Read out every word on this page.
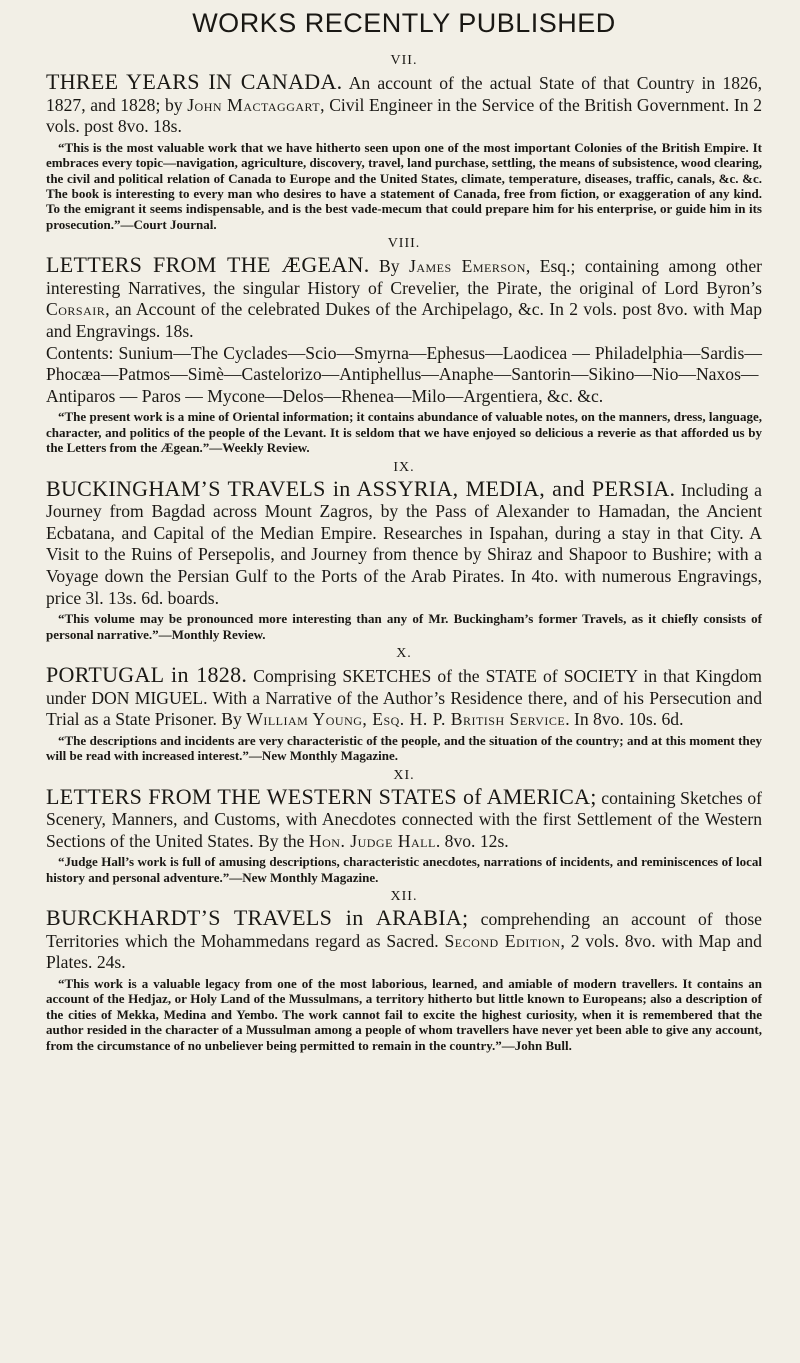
WORKS RECENTLY PUBLISHED
VII.

THREE YEARS IN CANADA. An account of the actual State of that Country in 1826, 1827, and 1828; by John Mactaggart, Civil Engineer in the Service of the British Government. In 2 vols. post 8vo. 18s.

“This is the most valuable work that we have hitherto seen upon one of the most important Colonies of the British Empire. It embraces every topic—navigation, agriculture, discovery, travel, land purchase, settling, the means of subsistence, wood clearing, the civil and political relation of Canada to Europe and the United States, climate, temperature, diseases, traffic, canals, &c. &c. The book is interesting to every man who desires to have a statement of Canada, free from fiction, or exaggeration of any kind. To the emigrant it seems indispensable, and is the best vade-mecum that could prepare him for his enterprise, or guide him in its prosecution.”—Court Journal.

VIII.

LETTERS FROM THE ÆGEAN. By James Emerson, Esq.; containing among other interesting Narratives, the singular History of Crevelier, the Pirate, the original of Lord Byron’s Corsair, an Account of the celebrated Dukes of the Archipelago, &c. In 2 vols. post 8vo. with Map and Engravings. 18s.

Contents: Sunium—The Cyclades—Scio—Smyrna—Ephesus—Laodicea — Philadelphia—Sardis—Phocæa—Patmos—Simè—Castelorizo—Antiphellus—Anaphe—Santorin—Sikino—Nio—Naxos—Antiparos — Paros — Mycone—Delos—Rhenea—Milo—Argentiera, &c. &c.

“The present work is a mine of Oriental information; it contains abundance of valuable notes, on the manners, dress, language, character, and politics of the people of the Levant. It is seldom that we have enjoyed so delicious a reverie as that afforded us by the Letters from the Ægean.”—Weekly Review.

IX.

BUCKINGHAM’S TRAVELS in ASSYRIA, MEDIA, and PERSIA. Including a Journey from Bagdad across Mount Zagros, by the Pass of Alexander to Hamadan, the Ancient Ecbatana, and Capital of the Median Empire. Researches in Ispahan, during a stay in that City. A Visit to the Ruins of Persepolis, and Journey from thence by Shiraz and Shapoor to Bushire; with a Voyage down the Persian Gulf to the Ports of the Arab Pirates. In 4to. with numerous Engravings, price 3l. 13s. 6d. boards.

“This volume may be pronounced more interesting than any of Mr. Buckingham’s former Travels, as it chiefly consists of personal narrative.”—Monthly Review.

X.

PORTUGAL in 1828. Comprising SKETCHES of the STATE of SOCIETY in that Kingdom under DON MIGUEL. With a Narrative of the Author’s Residence there, and of his Persecution and Trial as a State Prisoner. By William Young, Esq. H. P. British Service. In 8vo. 10s. 6d.

“The descriptions and incidents are very characteristic of the people, and the situation of the country; and at this moment they will be read with increased interest.”—New Monthly Magazine.

XI.

LETTERS FROM THE WESTERN STATES of AMERICA; containing Sketches of Scenery, Manners, and Customs, with Anecdotes connected with the first Settlement of the Western Sections of the United States. By the Hon. Judge Hall. 8vo. 12s.

“Judge Hall’s work is full of amusing descriptions, characteristic anecdotes, narrations of incidents, and reminiscences of local history and personal adventure.”—New Monthly Magazine.

XII.

BURCKHARDT’S TRAVELS in ARABIA; comprehending an account of those Territories which the Mohammedans regard as Sacred. Second Edition, 2 vols. 8vo. with Map and Plates. 24s.

“This work is a valuable legacy from one of the most laborious, learned, and amiable of modern travellers. It contains an account of the Hedjaz, or Holy Land of the Mussulmans, a territory hitherto but little known to Europeans; also a description of the cities of Mekka, Medina and Yembo. The work cannot fail to excite the highest curiosity, when it is remembered that the author resided in the character of a Mussulman among a people of whom travellers have never yet been able to give any account, from the circumstance of no unbeliever being permitted to remain in the country.”—John Bull.
